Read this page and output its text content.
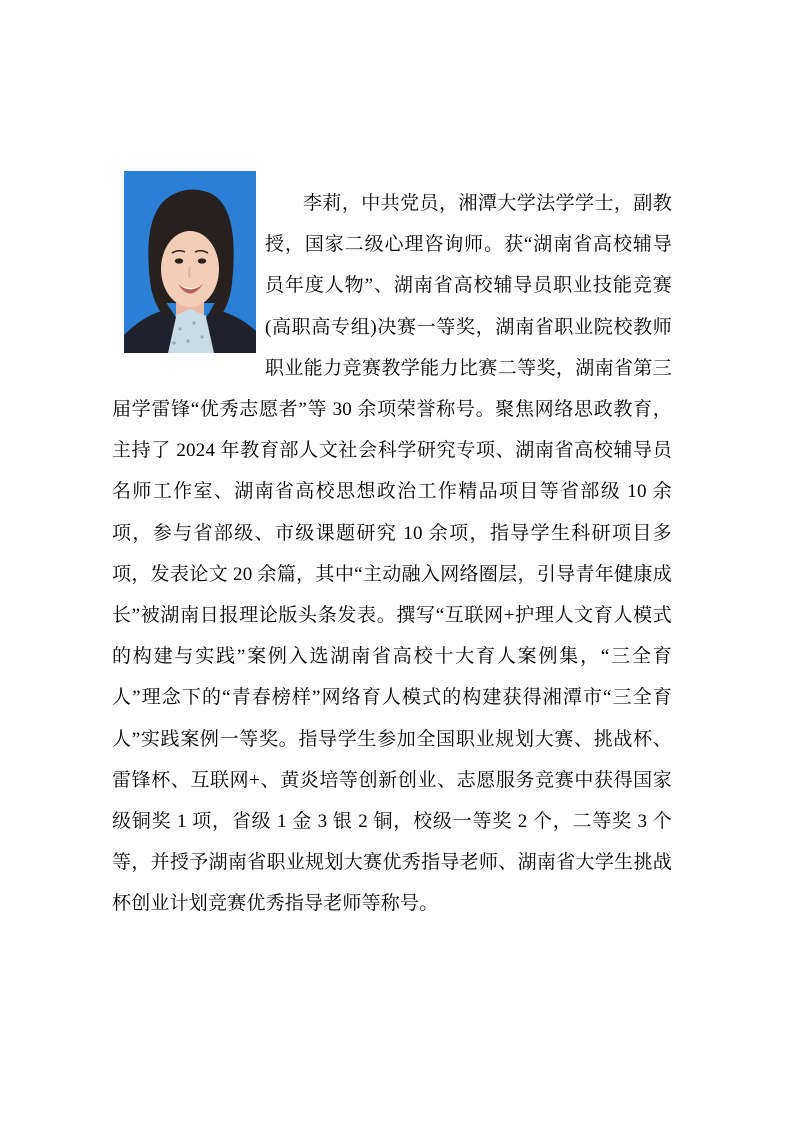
李莉，中共党员，湘潭大学法学学士，副教授，国家二级心理咨询师。获“湖南省高校辅导员年度人物”、湖南省高校辅导员职业技能竞赛(高职高专组)决赛一等奖，湖南省职业院校教师职业能力竞赛教学能力比赛二等奖，湖南省第三届学雷锋“优秀志愿者”等 30 余项荣誉称号。聚焦网络思政教育，主持了 2024 年教育部人文社会科学研究专项、湖南省高校辅导员名师工作室、湖南省高校思想政治工作精品项目等省部级 10 余项，参与省部级、市级课题研究 10 余项，指导学生科研项目多项，发表论文 20 余篇，其中“主动融入网络圈层，引导青年健康成长”被湖南日报理论版头条发表。撰写“互联网+护理人文育人模式的构建与实践”案例入选湖南省高校十大育人案例集，“三全育人”理念下的“青春榜样”网络育人模式的构建获得湘潭市“三全育人”实践案例一等奖。指导学生参加全国职业规划大赛、挑战杯、雷锋杯、互联网+、黄炎培等创新创业、志愿服务竞赛中获得国家级铜奖 1 项，省级 1 金 3 银 2 铜，校级一等奖 2 个，二等奖 3 个等，并授予湖南省职业规划大赛优秀指导老师、湖南省大学生挑战杯创业计划竞赛优秀指导老师等称号。
